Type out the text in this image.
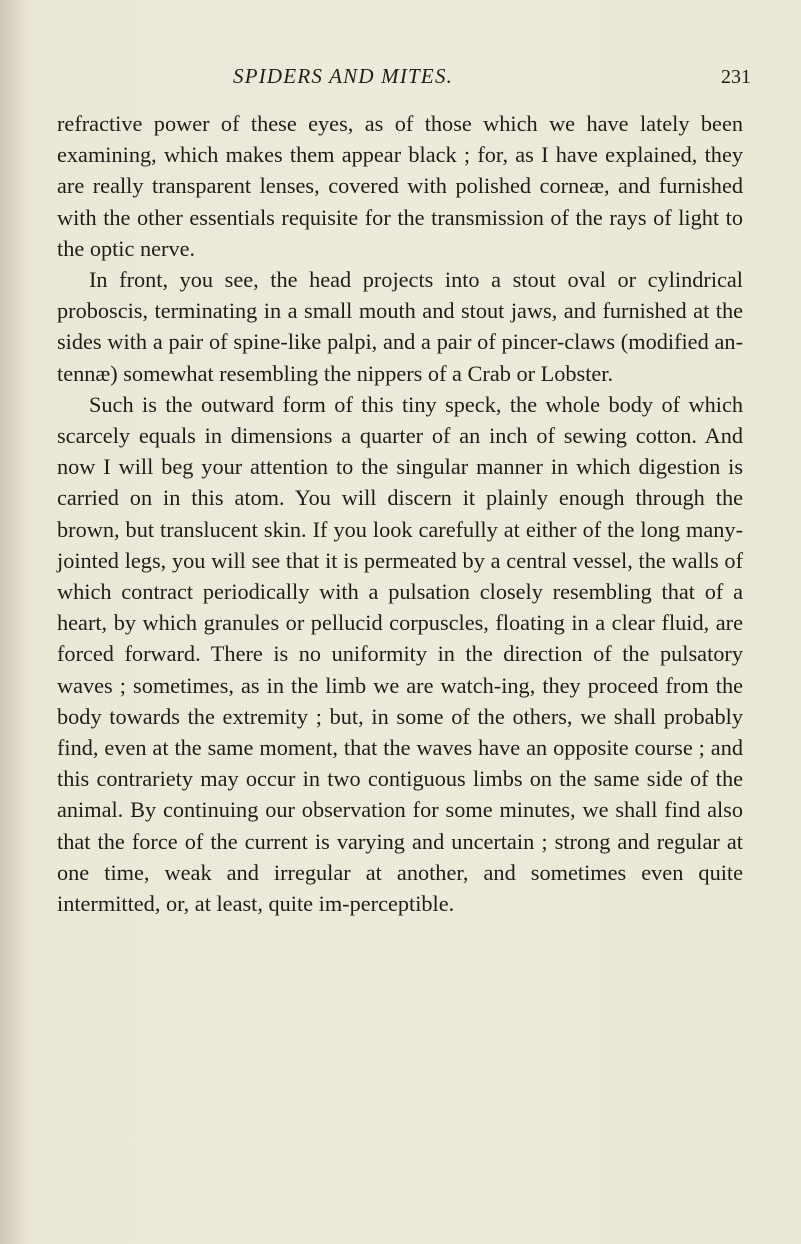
SPIDERS AND MITES.	231

refractive power of these eyes, as of those which we have lately been examining, which makes them appear black ; for, as I have explained, they are really transparent lenses, covered with polished corneæ, and furnished with the other essentials requisite for the transmission of the rays of light to the optic nerve.

In front, you see, the head projects into a stout oval or cylindrical proboscis, terminating in a small mouth and stout jaws, and furnished at the sides with a pair of spine-like palpi, and a pair of pincer-claws (modified an-tennæ) somewhat resembling the nippers of a Crab or Lobster.

Such is the outward form of this tiny speck, the whole body of which scarcely equals in dimensions a quarter of an inch of sewing cotton. And now I will beg your attention to the singular manner in which digestion is carried on in this atom. You will discern it plainly enough through the brown, but translucent skin. If you look carefully at either of the long many-jointed legs, you will see that it is permeated by a central vessel, the walls of which contract periodically with a pulsation closely resembling that of a heart, by which granules or pellucid corpuscles, floating in a clear fluid, are forced forward. There is no uniformity in the direction of the pulsatory waves ; sometimes, as in the limb we are watch-ing, they proceed from the body towards the extremity ; but, in some of the others, we shall probably find, even at the same moment, that the waves have an opposite course ; and this contrariety may occur in two contiguous limbs on the same side of the animal. By continuing our observation for some minutes, we shall find also that the force of the current is varying and uncertain ; strong and regular at one time, weak and irregular at another, and sometimes even quite intermitted, or, at least, quite im-perceptible.
